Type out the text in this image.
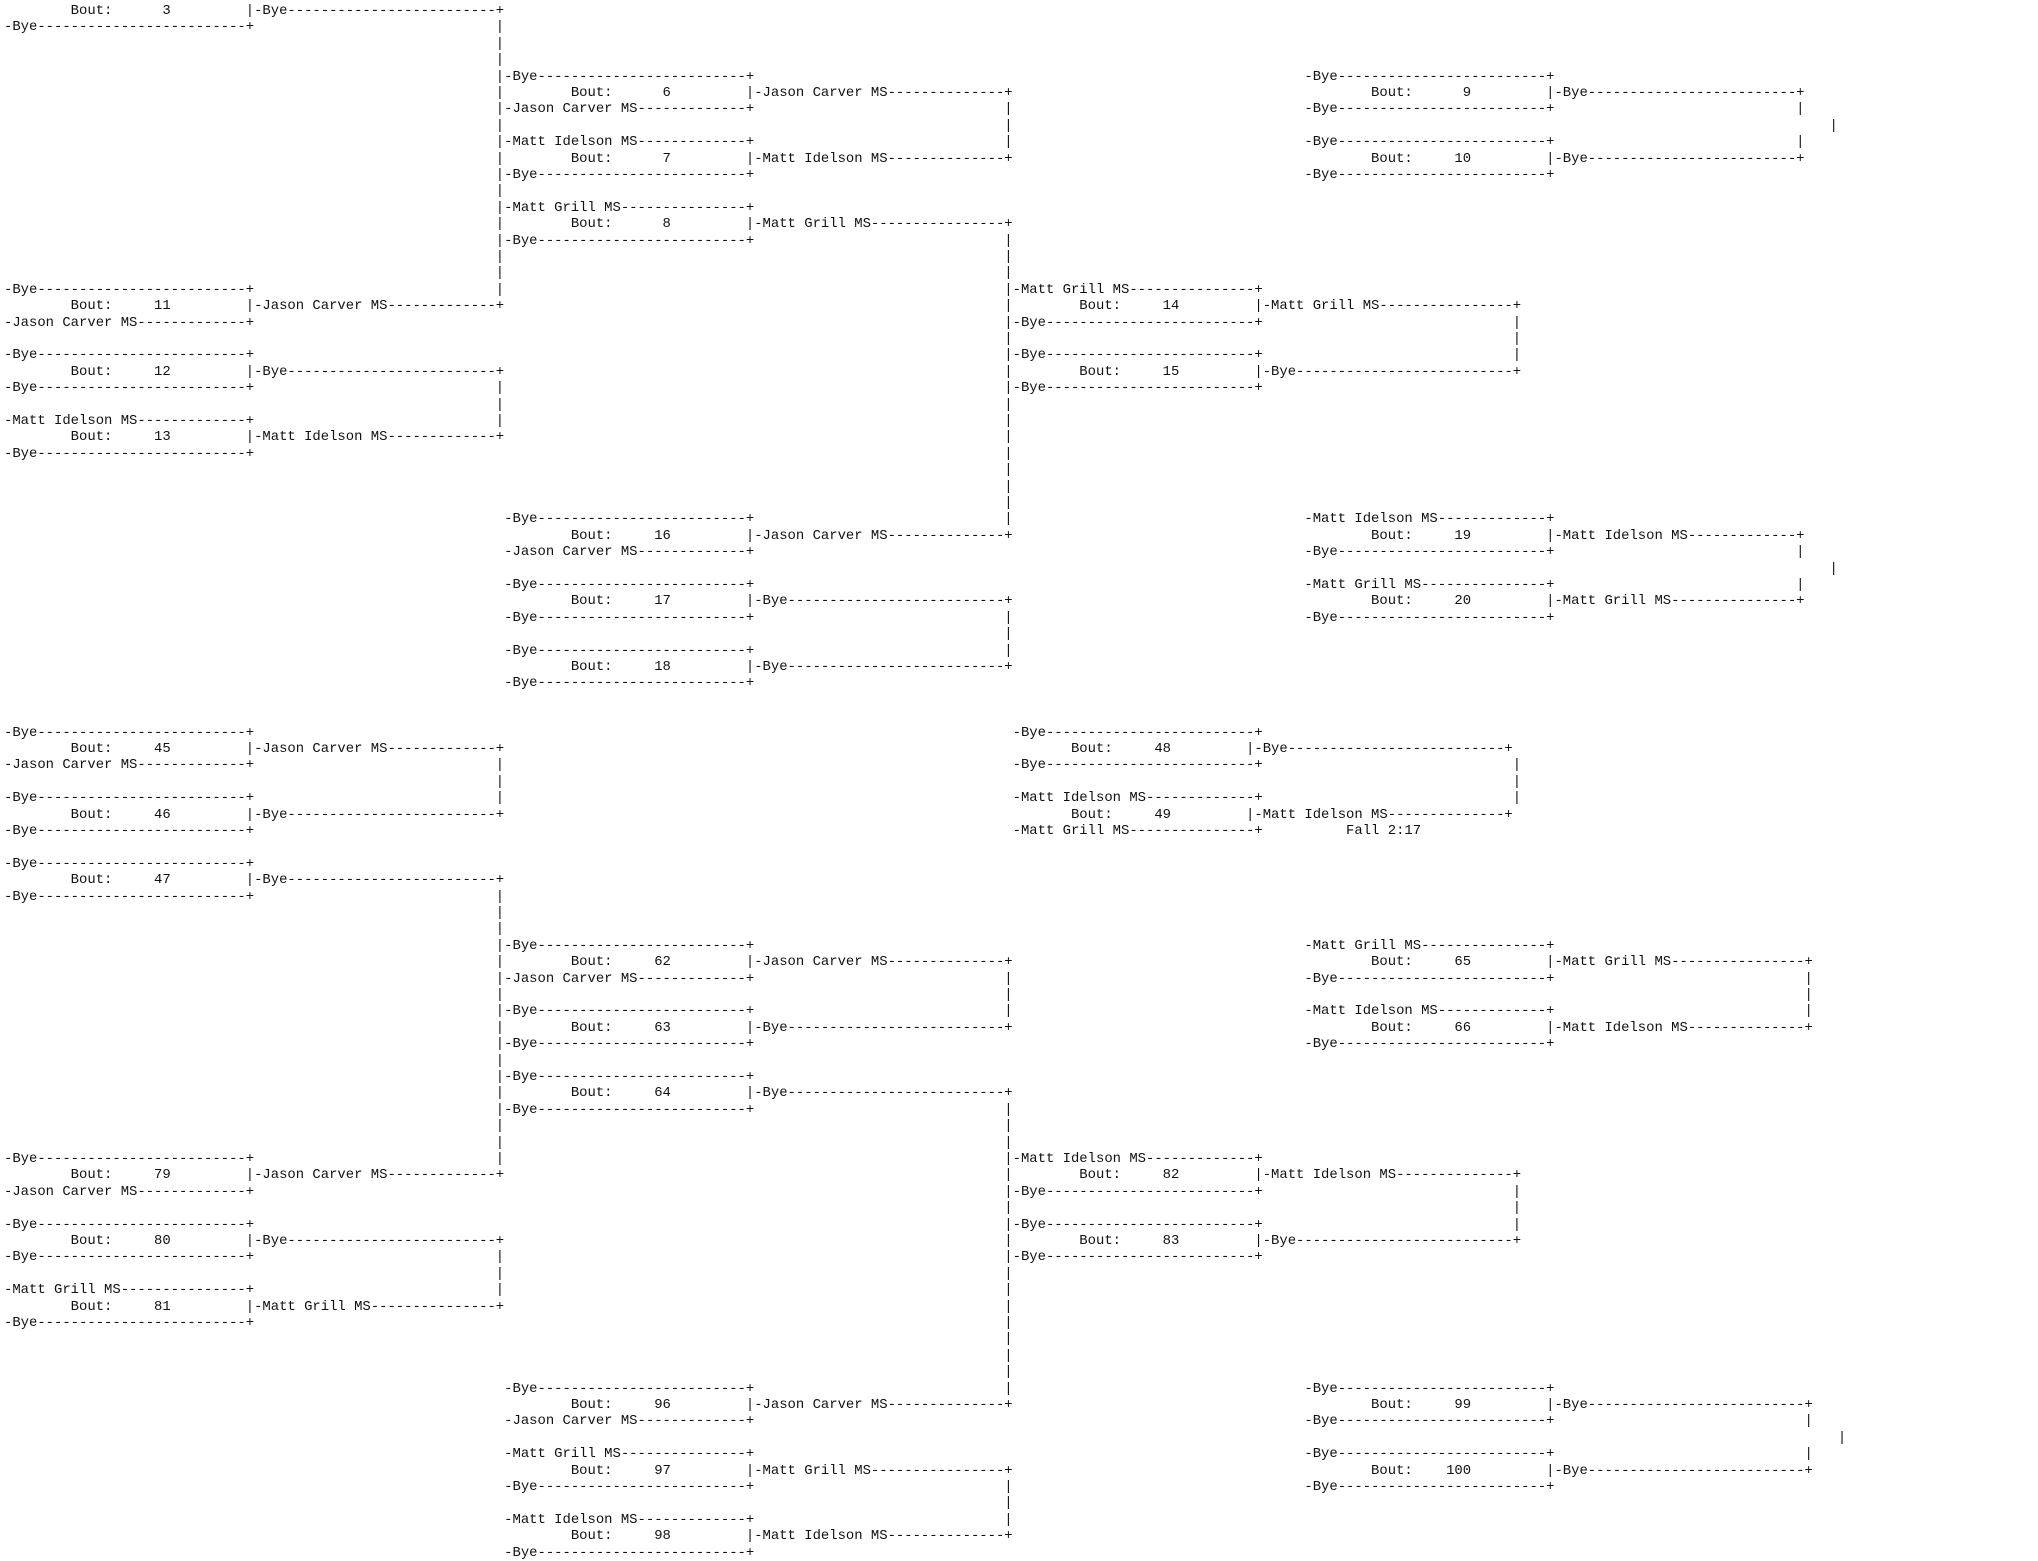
Bout:      3         |-Bye-------------------------+
-Bye-------------------------+                             |
|
|
|-Bye-------------------------+                                                                  -Bye-------------------------+
|        Bout:      6         |-Jason Carver MS--------------+                                           Bout:      9         |-Bye-------------------------+
|-Jason Carver MS-------------+                              |                                   -Bye-------------------------+                             |
|                                                            |                                                                                                  |
|-Matt Idelson MS-------------+                              |                                   -Bye-------------------------+                             |
|        Bout:      7         |-Matt Idelson MS--------------+                                           Bout:     10         |-Bye-------------------------+
|-Bye-------------------------+                                                                  -Bye-------------------------+
|
|-Matt Grill MS---------------+
|        Bout:      8         |-Matt Grill MS----------------+
|-Bye-------------------------+                              |
|                                                            |
|                                                            |
-Bye-------------------------+                             |                                                            |-Matt Grill MS---------------+
Bout:     11         |-Jason Carver MS-------------+                                                            |        Bout:     14         |-Matt Grill MS----------------+
-Jason Carver MS-------------+                                                                                          |-Bye-------------------------+                              |
|                                                            |
-Bye-------------------------+                                                                                          |-Bye-------------------------+                              |
Bout:     12         |-Bye-------------------------+                                                            |        Bout:     15         |-Bye--------------------------+
-Bye-------------------------+                             |                                                            |-Bye-------------------------+
|                                                            |
-Matt Idelson MS-------------+                             |                                                            |
Bout:     13         |-Matt Idelson MS-------------+                                                            |
-Bye-------------------------+                                                                                          |
|
|
|
-Bye-------------------------+                              |                                   -Matt Idelson MS-------------+
Bout:     16         |-Jason Carver MS--------------+                                           Bout:     19         |-Matt Idelson MS-------------+
-Jason Carver MS-------------+                                                                  -Bye-------------------------+                             |
|
-Bye-------------------------+                                                                  -Matt Grill MS---------------+                             |
Bout:     17         |-Bye--------------------------+                                           Bout:     20         |-Matt Grill MS---------------+
-Bye-------------------------+                              |                                   -Bye-------------------------+
|
-Bye-------------------------+                              |
Bout:     18         |-Bye--------------------------+
-Bye-------------------------+

-Bye-------------------------+                                                                                           -Bye-------------------------+
Bout:     45         |-Jason Carver MS-------------+                                                                    Bout:     48         |-Bye--------------------------+
-Jason Carver MS-------------+                             |                                                             -Bye-------------------------+                              |
|                                                                                                                         |
-Bye-------------------------+                             |                                                             -Matt Idelson MS-------------+                              |
Bout:     46         |-Bye-------------------------+                                                                    Bout:     49         |-Matt Idelson MS--------------+
-Bye-------------------------+                                                                                           -Matt Grill MS---------------+          Fall 2:17

-Bye-------------------------+
Bout:     47         |-Bye-------------------------+
-Bye-------------------------+                             |
|
|
|-Bye-------------------------+                                                                  -Matt Grill MS---------------+
|        Bout:     62         |-Jason Carver MS--------------+                                           Bout:     65         |-Matt Grill MS----------------+
|-Jason Carver MS-------------+                              |                                   -Bye-------------------------+                              |
|                                                            |                                                                                               |
|-Bye-------------------------+                              |                                   -Matt Idelson MS-------------+                              |
|        Bout:     63         |-Bye--------------------------+                                           Bout:     66         |-Matt Idelson MS--------------+
|-Bye-------------------------+                                                                  -Bye-------------------------+
|
|-Bye-------------------------+
|        Bout:     64         |-Bye--------------------------+
|-Bye-------------------------+                              |
|                                                            |
|                                                            |
-Bye-------------------------+                             |                                                            |-Matt Idelson MS-------------+
Bout:     79         |-Jason Carver MS-------------+                                                            |        Bout:     82         |-Matt Idelson MS--------------+
-Jason Carver MS-------------+                                                                                          |-Bye-------------------------+                              |
|                                                            |
-Bye-------------------------+                                                                                          |-Bye-------------------------+                              |
Bout:     80         |-Bye-------------------------+                                                            |        Bout:     83         |-Bye--------------------------+
-Bye-------------------------+                             |                                                            |-Bye-------------------------+
|                                                            |
-Matt Grill MS---------------+                             |                                                            |
Bout:     81         |-Matt Grill MS---------------+                                                            |
-Bye-------------------------+                                                                                          |
|
|
|
-Bye-------------------------+                              |                                   -Bye-------------------------+
Bout:     96         |-Jason Carver MS--------------+                                           Bout:     99         |-Bye--------------------------+
-Jason Carver MS-------------+                                                                  -Bye-------------------------+                              |
|
-Matt Grill MS---------------+                                                                  -Bye-------------------------+                              |
Bout:     97         |-Matt Grill MS----------------+                                           Bout:    100         |-Bye--------------------------+
-Bye-------------------------+                              |                                   -Bye-------------------------+
|
-Matt Idelson MS-------------+                              |
Bout:     98         |-Matt Idelson MS--------------+
-Bye-------------------------+
